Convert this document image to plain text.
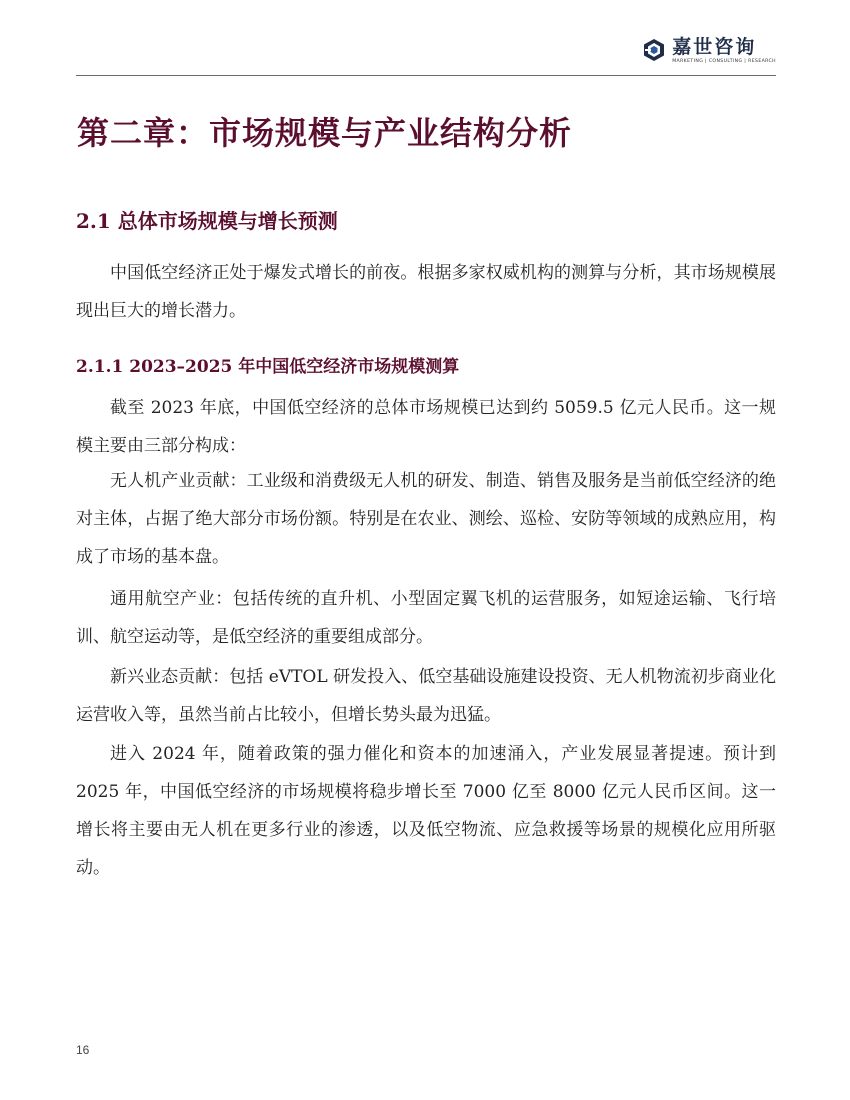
嘉世咨询
MARKETING | CONSULTING | RESEARCH
第二章：市场规模与产业结构分析
2.1 总体市场规模与增长预测

中国低空经济正处于爆发式增长的前夜。根据多家权威机构的测算与分析，其市场规模展现出巨大的增长潜力。

2.1.1 2023–2025 年中国低空经济市场规模测算

截至 2023 年底，中国低空经济的总体市场规模已达到约 5059.5 亿元人民币。这一规模主要由三部分构成：

无人机产业贡献：工业级和消费级无人机的研发、制造、销售及服务是当前低空经济的绝对主体，占据了绝大部分市场份额。特别是在农业、测绘、巡检、安防等领域的成熟应用，构成了市场的基本盘。

通用航空产业：包括传统的直升机、小型固定翼飞机的运营服务，如短途运输、飞行培训、航空运动等，是低空经济的重要组成部分。

新兴业态贡献：包括 eVTOL 研发投入、低空基础设施建设投资、无人机物流初步商业化运营收入等，虽然当前占比较小，但增长势头最为迅猛。

进入 2024 年，随着政策的强力催化和资本的加速涌入，产业发展显著提速。预计到 2025 年，中国低空经济的市场规模将稳步增长至 7000 亿至 8000 亿元人民币区间。这一增长将主要由无人机在更多行业的渗透，以及低空物流、应急救援等场景的规模化应用所驱动。

16
